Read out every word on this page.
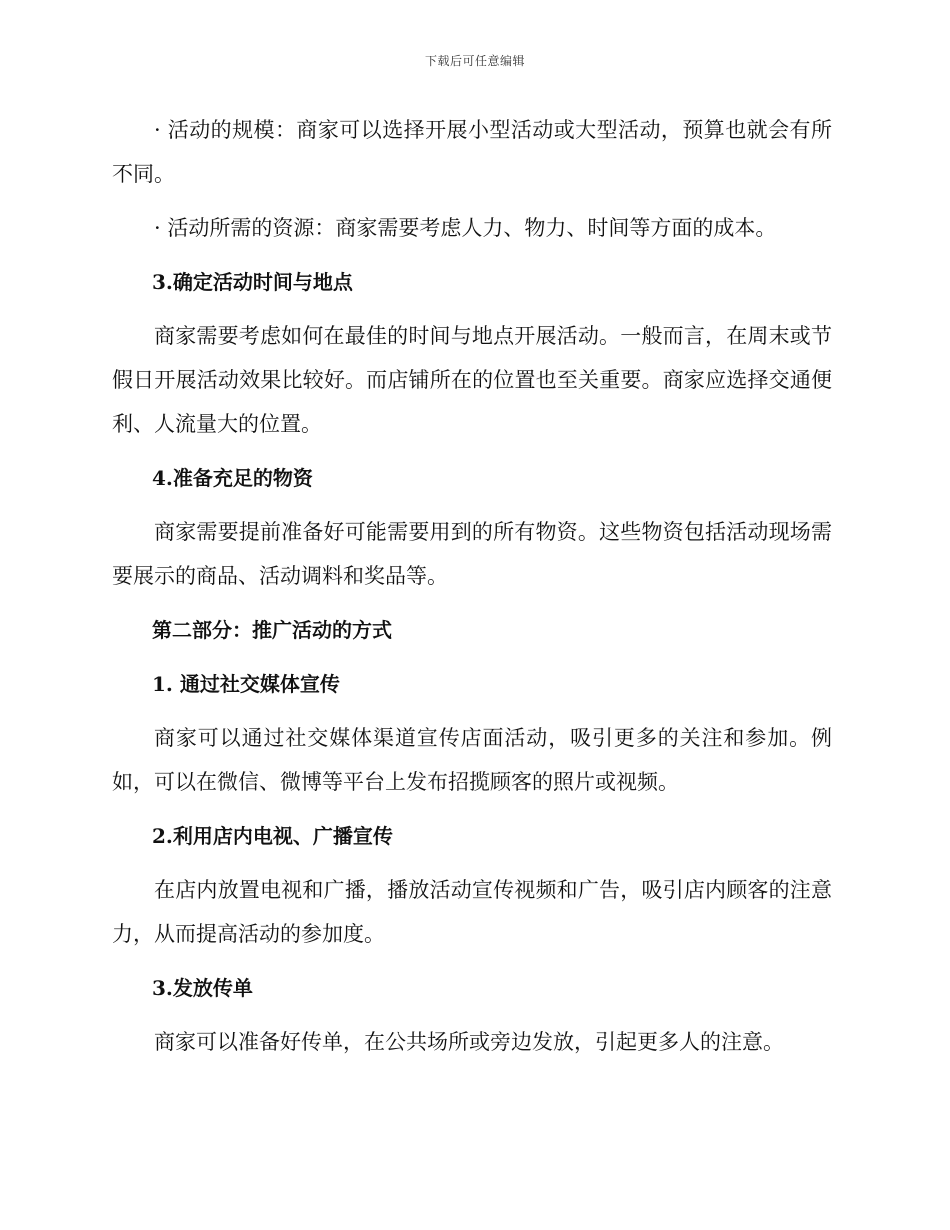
下载后可任意编辑

· 活动的规模：商家可以选择开展小型活动或大型活动，预算也就会有所不同。

· 活动所需的资源：商家需要考虑人力、物力、时间等方面的成本。

3.确定活动时间与地点

商家需要考虑如何在最佳的时间与地点开展活动。一般而言，在周末或节假日开展活动效果比较好。而店铺所在的位置也至关重要。商家应选择交通便利、人流量大的位置。

4.准备充足的物资

商家需要提前准备好可能需要用到的所有物资。这些物资包括活动现场需要展示的商品、活动调料和奖品等。

第二部分：推广活动的方式
1. 通过社交媒体宣传

商家可以通过社交媒体渠道宣传店面活动，吸引更多的关注和参加。例如，可以在微信、微博等平台上发布招揽顾客的照片或视频。

2.利用店内电视、广播宣传

在店内放置电视和广播，播放活动宣传视频和广告，吸引店内顾客的注意力，从而提高活动的参加度。

3.发放传单

商家可以准备好传单，在公共场所或旁边发放，引起更多人的注意。
